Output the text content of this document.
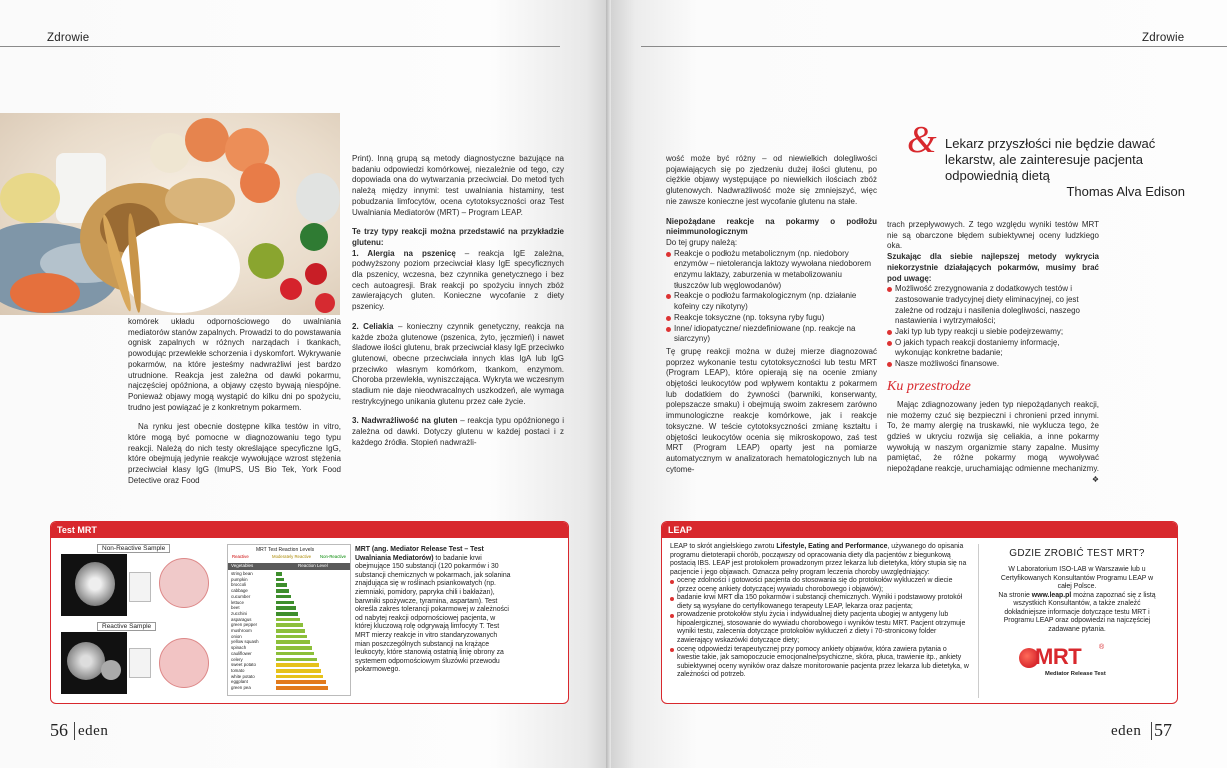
Zdrowie

komórek układu odpornościowego do uwalniania mediatorów stanów zapalnych. Prowadzi to do powstawania ognisk zapalnych w różnych narządach i tkankach, powodując przewlekłe schorzenia i dyskomfort. Wykrywanie pokarmów, na które jesteśmy nadwrażliwi jest bardzo utrudnione. Reakcja jest zależna od dawki pokarmu, najczęściej opóźniona, a objawy często bywają niespójne. Ponieważ objawy mogą wystąpić do kilku dni po spożyciu, trudno jest powiązać je z konkretnym pokarmem.

Na rynku jest obecnie dostępne kilka testów in vitro, które mogą być pomocne w diagnozowaniu tego typu reakcji. Należą do nich testy określające specyficzne IgG, które obejmują jedynie reakcje wywołujące wzrost stężenia przeciwciał klasy IgG (ImuPS, US Bio Tek, York Food Detective oraz Food

Print). Inną grupą są metody diagnostyczne bazujące na badaniu odpowiedzi komórkowej, niezależnie od tego, czy dopowiada ona do wytwarzania przeciwciał. Do metod tych należą między innymi: test uwalniania histaminy, test pobudzania limfocytów, ocena cytotoksyczności oraz Test Uwalniania Mediatorów (MRT) – Program LEAP.

Te trzy typy reakcji można przedstawić na przykładzie glutenu:

1. Alergia na pszenicę – reakcja IgE zależna, podwyższony poziom przeciwciał klasy IgE specyficznych dla pszenicy, wczesna, bez czynnika genetycznego i bez cech autoagresji. Brak reakcji po spożyciu innych zbóż zawierających gluten. Konieczne wycofanie z diety pszenicy.

2. Celiakia – konieczny czynnik genetyczny, reakcja na każde zboża glutenowe (pszenica, żyto, jęczmień) i nawet śladowe ilości glutenu, brak przeciwciał klasy IgE przeciwko glutenowi, obecne przeciwciała innych klas IgA lub IgG przeciwko własnym komórkom, tkankom, enzymom. Choroba przewlekła, wyniszczająca. Wykryta we wczesnym stadium nie daje nieodwracalnych uszkodzeń, ale wymaga restrykcyjnego unikania glutenu przez całe życie.

3. Nadwrażliwość na gluten – reakcja typu opóźnionego i zależna od dawki. Dotyczy glutenu w każdej postaci i z każdego źródła. Stopień nadwrażli-

Test MRT
Non-Reactive Sample
Reactive Sample
MRT Test Reaction Levels
Reactive	Moderately Reactive Non-Reactive
Vegetables	Reaction Level
string bean
pumpkin
broccoli
cabbage
cucumber
lettuce
beet
zucchini
asparagus
green pepper
mushroom
onion
yellow squash
spinach
cauliflower
celery
sweet potato
tomato
white potato
eggplant
green pea
MRT (ang. Mediator Release Test – Test Uwalniania Mediatorów) to badanie krwi obejmujące 150 substancji (120 pokarmów i 30 substancji chemicznych w pokarmach, jak solanina znajdująca się w roślinach psiankowatych (np. ziemniaki, pomidory, papryka chili i bakłażan), barwniki spożywcze, tyramina, aspartam). Test określa zakres tolerancji pokarmowej w zależności od nabytej reakcji odpornościowej pacjenta, w której kluczową rolę odgrywają limfocyty T. Test MRT mierzy reakcje in vitro standaryzowanych mian poszczególnych substancji na krążące leukocyty, które stanowią ostatnią linię obrony za systemem odpornościowym śluzówki przewodu pokarmowego.
56 eden
Zdrowie

wość może być różny – od niewielkich dolegliwości pojawiających się po zjedzeniu dużej ilości glutenu, po ciężkie objawy występujące po niewielkich ilościach zbóż glutenowych. Nadwrażliwość może się zmniejszyć, więc nie zawsze konieczne jest wycofanie glutenu na stałe.

Niepożądane reakcje na pokarmy o podłożu nieimmunologicznym

Do tej grupy należą:

Reakcje o podłożu metabolicznym (np. niedobory enzymów – nietolerancja laktozy wywołana niedoborem enzymu laktazy, zaburzenia w metabolizowaniu tłuszczów lub węglowodanów)
Reakcje o podłożu farmakologicznym (np. działanie kofeiny czy nikotyny)
Reakcje toksyczne (np. toksyna ryby fugu)
Inne/ idiopatyczne/ niezdefiniowane (np. reakcje na siarczyny)

Tę grupę reakcji można w dużej mierze diagnozować poprzez wykonanie testu cytotoksyczności lub testu MRT (Program LEAP), które opierają się na ocenie zmiany objętości leukocytów pod wpływem kontaktu z pokarmem lub dodatkiem do żywności (barwniki, konserwanty, polepszacze smaku) i obejmują swoim zakresem zarówno immunologiczne reakcje komórkowe, jak i reakcje toksyczne. W teście cytotoksyczności zmianę kształtu i objętości leukocytów ocenia się mikroskopowo, zaś test MRT (Program LEAP) oparty jest na pomiarze automatycznym w analizatorach hematologicznych lub na cytome-

& Lekarz przyszłości nie będzie dawać lekarstw, ale zainteresuje pacjenta odpowiednią dietą
Thomas Alva Edison

trach przepływowych. Z tego względu wyniki testów MRT nie są obarczone błędem subiektywnej oceny ludzkiego oka.

Szukając dla siebie najlepszej metody wykrycia niekorzystnie działających pokarmów, musimy brać pod uwagę:

Możliwość zrezygnowania z dodatkowych testów i zastosowanie tradycyjnej diety eliminacyjnej, co jest zależne od rodzaju i nasilenia dolegliwości, naszego nastawienia i wytrzymałości;
Jaki typ lub typy reakcji u siebie podejrzewamy;
O jakich typach reakcji dostaniemy informację, wykonując konkretne badanie;
Nasze możliwości finansowe.
Ku przestrodze

Mając zdiagnozowany jeden typ niepożądanych reakcji, nie możemy czuć się bezpieczni i chronieni przed innymi. To, że mamy alergię na truskawki, nie wyklucza tego, że gdzieś w ukryciu rozwija się celiakia, a inne pokarmy wywołują w naszym organizmie stany zapalne. Musimy pamiętać, że różne pokarmy mogą wywoływać niepożądane reakcje, uruchamiając odmienne mechanizmy.
❖

LEAP
LEAP to skrót angielskiego zwrotu Lifestyle, Eating and Performance, używanego do opisania programu dietoterapii chorób, począwszy od opracowania diety dla pacjentów z biegunkową postacią IBS. LEAP jest protokołem prowadzonym przez lekarza lub dietetyka, który stupia się na pacjencie i jego objawach. Oznacza pełny program leczenia choroby uwzględniający:
ocenę zdolności i gotowości pacjenta do stosowania się do protokołów wykluczeń w diecie (przez ocenę ankiety dotyczącej wywiadu chorobowego i objawów);
badanie krwi MRT dla 150 pokarmów i substancji chemicznych. Wyniki i podstawowy protokół diety są wysyłane do certyfikowanego terapeuty LEAP, lekarza oraz pacjenta;
prowadzenie protokołów stylu życia i indywidualnej diety pacjenta ubogiej w antygeny lub hipoalergicznej, stosowanie do wywiadu chorobowego i wyników testu MRT. Pacjent otrzymuje wyniki testu, zalecenia dotyczące protokołów wykluczeń z diety i 70-stronicowy folder zawierający wskazówki dotyczące diety;
ocenę odpowiedzi terapeutycznej przy pomocy ankiety objawów, która zawiera pytania o kwestie takie, jak samopoczucie emocjonalne/psychiczne, skóra, płuca, trawienie itp., ankiety subiektywnej oceny wyników oraz dalsze monitorowanie pacjenta przez lekarza lub dietetyka, w zależności od potrzeb.
GDZIE ZROBIĆ TEST MRT?
W Laboratorium ISO-LAB w Warszawie lub u Certyfikowanych Konsultantów Programu LEAP w całej Polsce.
Na stronie www.leap.pl można zapoznać się z listą wszystkich Konsultantów, a także znaleźć dokładniejsze informacje dotyczące testu MRT i Programu LEAP oraz odpowiedzi na najczęściej zadawane pytania.
MRT	®
Mediator Release Test
eden 57
